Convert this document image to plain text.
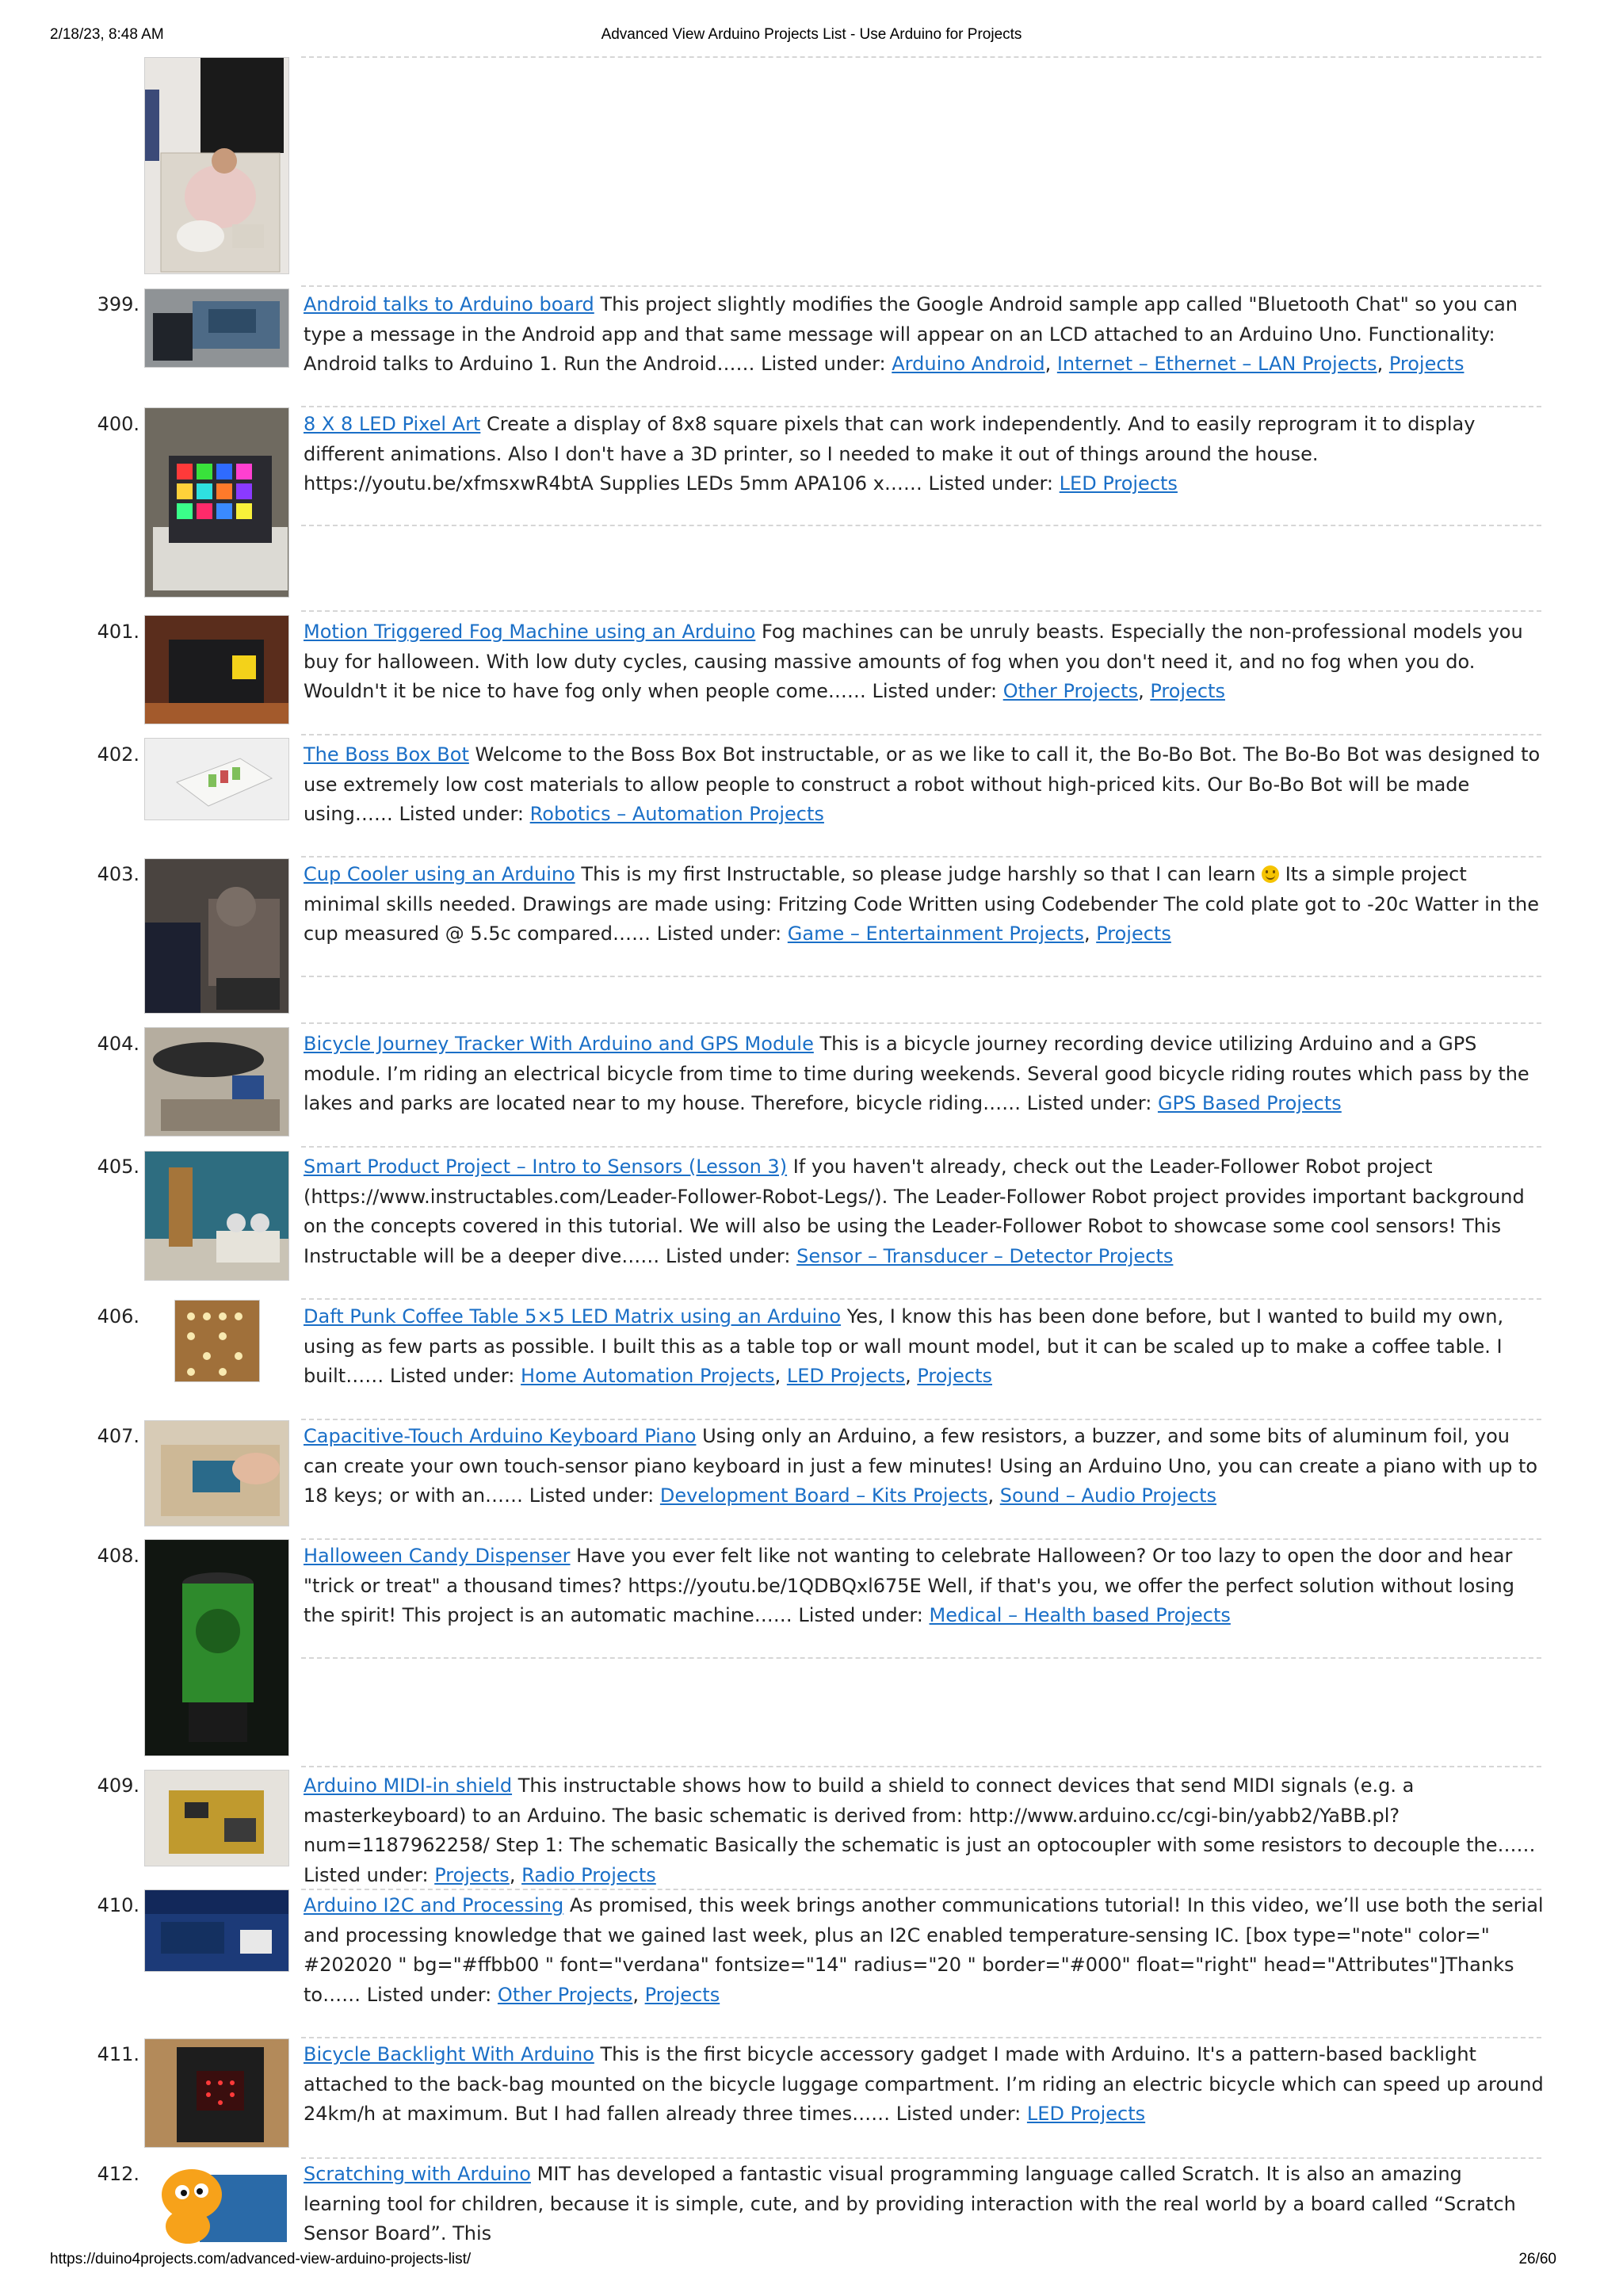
Advanced View Arduino Projects List - Use Arduino for Projects
2/18/23, 8:48 AM
399.	Android talks to Arduino board This project slightly modifies the Google Android sample app called "Bluetooth Chat" so you can type a message in the Android app and that same message will appear on an LCD attached to an Arduino Uno. Functionality: Android talks to Arduino 1. Run the Android…… Listed under: Arduino Android, Internet – Ethernet – LAN Projects, Projects
400.	8 X 8 LED Pixel Art Create a display of 8x8 square pixels that can work independently. And to easily reprogram it to display different animations. Also I don't have a 3D printer, so I needed to make it out of things around the house. https://youtu.be/xfmsxwR4btA Supplies LEDs 5mm APA106 x…… Listed under: LED Projects
401.	Motion Triggered Fog Machine using an Arduino Fog machines can be unruly beasts. Especially the non-professional models you buy for halloween. With low duty cycles, causing massive amounts of fog when you don't need it, and no fog when you do. Wouldn't it be nice to have fog only when people come…… Listed under: Other Projects, Projects
402.	The Boss Box Bot Welcome to the Boss Box Bot instructable, or as we like to call it, the Bo-Bo Bot. The Bo-Bo Bot was designed to use extremely low cost materials to allow people to construct a robot without high-priced kits. Our Bo-Bo Bot will be made using…… Listed under: Robotics – Automation Projects
403.	Cup Cooler using an Arduino This is my first Instructable, so please judge harshly so that I can learn Its a simple project minimal skills needed. Drawings are made using: Fritzing Code Written using Codebender The cold plate got to -20c Watter in the cup measured @ 5.5c compared…… Listed under: Game – Entertainment Projects, Projects
404.	Bicycle Journey Tracker With Arduino and GPS Module This is a bicycle journey recording device utilizing Arduino and a GPS module. I’m riding an electrical bicycle from time to time during weekends. Several good bicycle riding routes which pass by the lakes and parks are located near to my house. Therefore, bicycle riding…… Listed under: GPS Based Projects
405.	Smart Product Project – Intro to Sensors (Lesson 3) If you haven't already, check out the Leader-Follower Robot project (https://www.instructables.com/Leader-Follower-Robot-Legs/). The Leader-Follower Robot project provides important background on the concepts covered in this tutorial. We will also be using the Leader-Follower Robot to showcase some cool sensors! This Instructable will be a deeper dive…… Listed under: Sensor – Transducer – Detector Projects
406.	Daft Punk Coffee Table 5×5 LED Matrix using an Arduino Yes, I know this has been done before, but I wanted to build my own, using as few parts as possible. I built this as a table top or wall mount model, but it can be scaled up to make a coffee table. I built…… Listed under: Home Automation Projects, LED Projects, Projects
407.	Capacitive-Touch Arduino Keyboard Piano Using only an Arduino, a few resistors, a buzzer, and some bits of aluminum foil, you can create your own touch-sensor piano keyboard in just a few minutes! Using an Arduino Uno, you can create a piano with up to 18 keys; or with an…… Listed under: Development Board – Kits Projects, Sound – Audio Projects
408.	Halloween Candy Dispenser Have you ever felt like not wanting to celebrate Halloween? Or too lazy to open the door and hear "trick or treat" a thousand times? https://youtu.be/1QDBQxl675E Well, if that's you, we offer the perfect solution without losing the spirit! This project is an automatic machine…… Listed under: Medical – Health based Projects
409.	Arduino MIDI-in shield This instructable shows how to build a shield to connect devices that send MIDI signals (e.g. a masterkeyboard) to an Arduino. The basic schematic is derived from: http://www.arduino.cc/cgi-bin/yabb2/YaBB.pl?num=1187962258/ Step 1: The schematic Basically the schematic is just an optocoupler with some resistors to decouple the…… Listed under: Projects, Radio Projects
410.	Arduino I2C and Processing As promised, this week brings another communications tutorial! In this video, we’ll use both the serial and processing knowledge that we gained last week, plus an I2C enabled temperature-sensing IC. [box type="note" color=" #202020 " bg="#ffbb00 " font="verdana" fontsize="14" radius="20 " border="#000" float="right" head="Attributes"]Thanks to…… Listed under: Other Projects, Projects
411.	Bicycle Backlight With Arduino This is the first bicycle accessory gadget I made with Arduino. It's a pattern-based backlight attached to the back-bag mounted on the bicycle luggage compartment. I’m riding an electric bicycle which can speed up around 24km/h at maximum. But I had fallen already three times…… Listed under: LED Projects
412.	Scratching with Arduino MIT has developed a fantastic visual programming language called Scratch. It is also an amazing learning tool for children, because it is simple, cute, and by providing interaction with the real world by a board called “Scratch Sensor Board”. This
https://duino4projects.com/advanced-view-arduino-projects-list/	26/60
